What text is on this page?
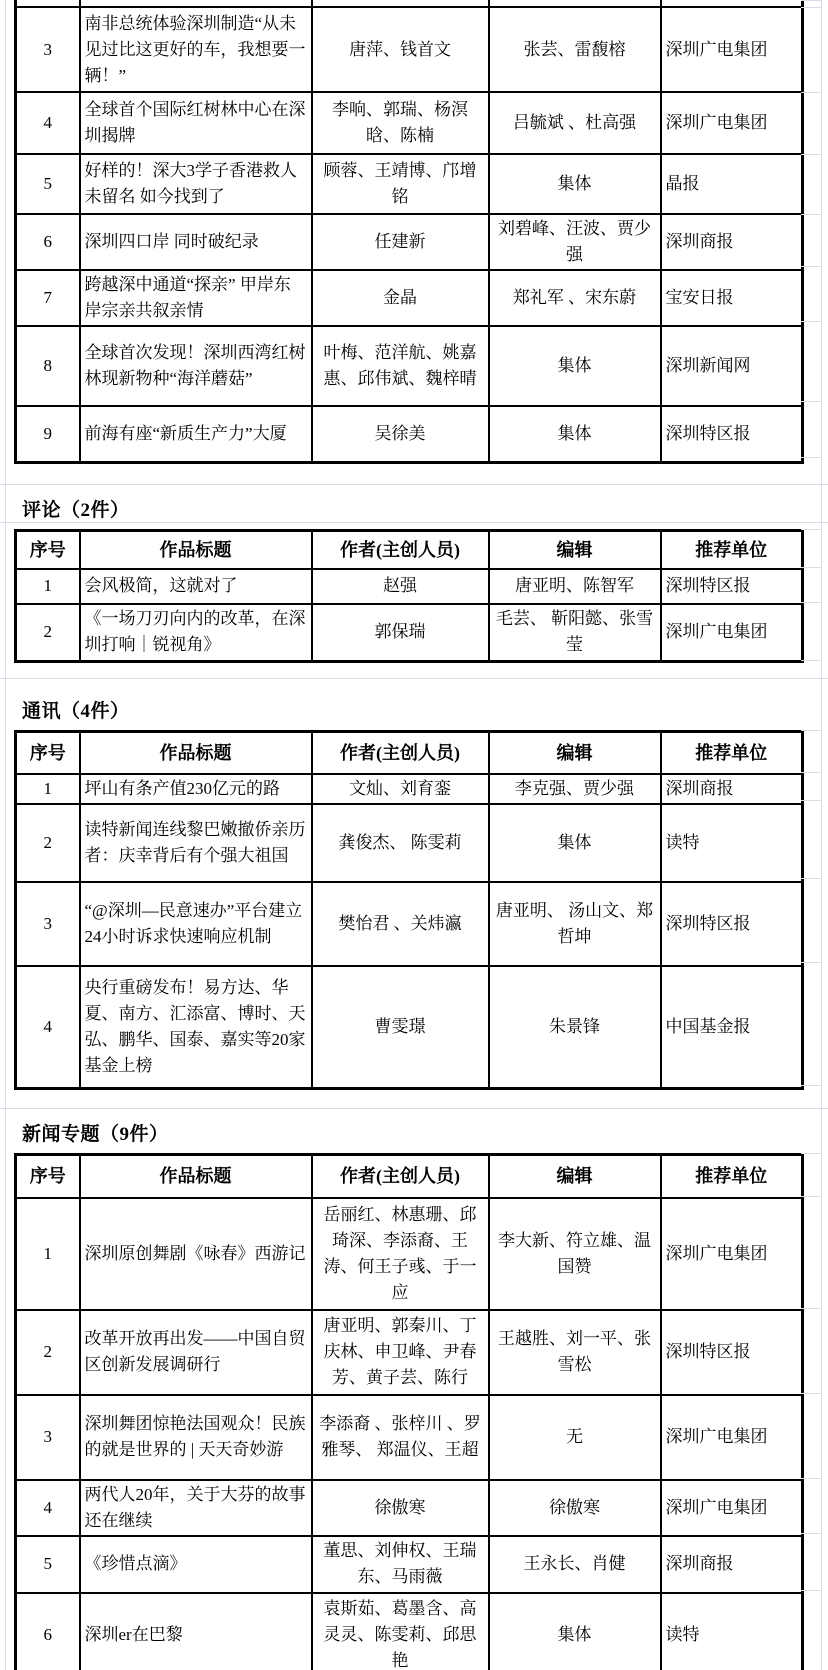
评论（2件）
通讯（4件）
新闻专题（9件）

3	南非总统体验深圳制造“从未见过比这更好的车，我想要一辆！”	唐萍、钱首文	张芸、雷馥榕	深圳广电集团
4	全球首个国际红树林中心在深圳揭牌	李响、郭瑞、杨溟晗、陈楠	吕毓斌 、杜高强	深圳广电集团
5	好样的！深大3学子香港救人未留名 如今找到了	顾蓉、王靖博、邝增铭	集体	晶报
6	深圳四口岸 同时破纪录	任建新	刘碧峰、汪波、贾少强	深圳商报
7	跨越深中通道“探亲” 甲岸东岸宗亲共叙亲情	金晶	郑礼军 、宋东蔚	宝安日报
8	全球首次发现！深圳西湾红树林现新物种“海洋蘑菇”	叶梅、范洋航、姚嘉惠、邱伟斌、魏梓晴	集体	深圳新闻网
9	前海有座“新质生产力”大厦	吴徐美	集体	深圳特区报
序号	作品标题	作者(主创人员)	编辑	推荐单位
1	会风极简，这就对了	赵强	唐亚明、陈智军	深圳特区报
2	《一场刀刃向内的改革，在深圳打响｜锐视角》	郭保瑞	毛芸、 靳阳懿、张雪莹	深圳广电集团
序号	作品标题	作者(主创人员)	编辑	推荐单位
1	坪山有条产值230亿元的路	文灿、刘育銮	李克强、贾少强	深圳商报
2	读特新闻连线黎巴嫩撤侨亲历者：庆幸背后有个强大祖国	龚俊杰、 陈雯莉	集体	读特
3	“@深圳—民意速办”平台建立24小时诉求快速响应机制	樊怡君 、关炜瀛	唐亚明、 汤山文、郑哲坤	深圳特区报
4	央行重磅发布！易方达、华夏、南方、汇添富、博时、天弘、鹏华、国泰、嘉实等20家基金上榜	曹雯璟	朱景锋	中国基金报
序号	作品标题	作者(主创人员)	编辑	推荐单位
1	深圳原创舞剧《咏春》西游记	岳丽红、林惠珊、邱琦深、李添裔、王涛、何王子彧、于一应	李大新、符立雄、温国赞	深圳广电集团
2	改革开放再出发——中国自贸区创新发展调研行	唐亚明、郭秦川、丁庆林、申卫峰、尹春芳、黄子芸、陈行	王越胜、刘一平、张雪松	深圳特区报
3	深圳舞团惊艳法国观众！民族的就是世界的 | 天天奇妙游	李添裔 、张梓川 、罗雅琴、 郑温仪、王超	无	深圳广电集团
4	两代人20年，关于大芬的故事还在继续	徐傲寒	徐傲寒	深圳广电集团
5	《珍惜点滴》	董思、刘伸权、王瑞东、马雨薇	王永长、肖健	深圳商报
6	深圳er在巴黎	袁斯茹、葛墨含、高灵灵、陈雯莉、邱思艳	集体	读特
